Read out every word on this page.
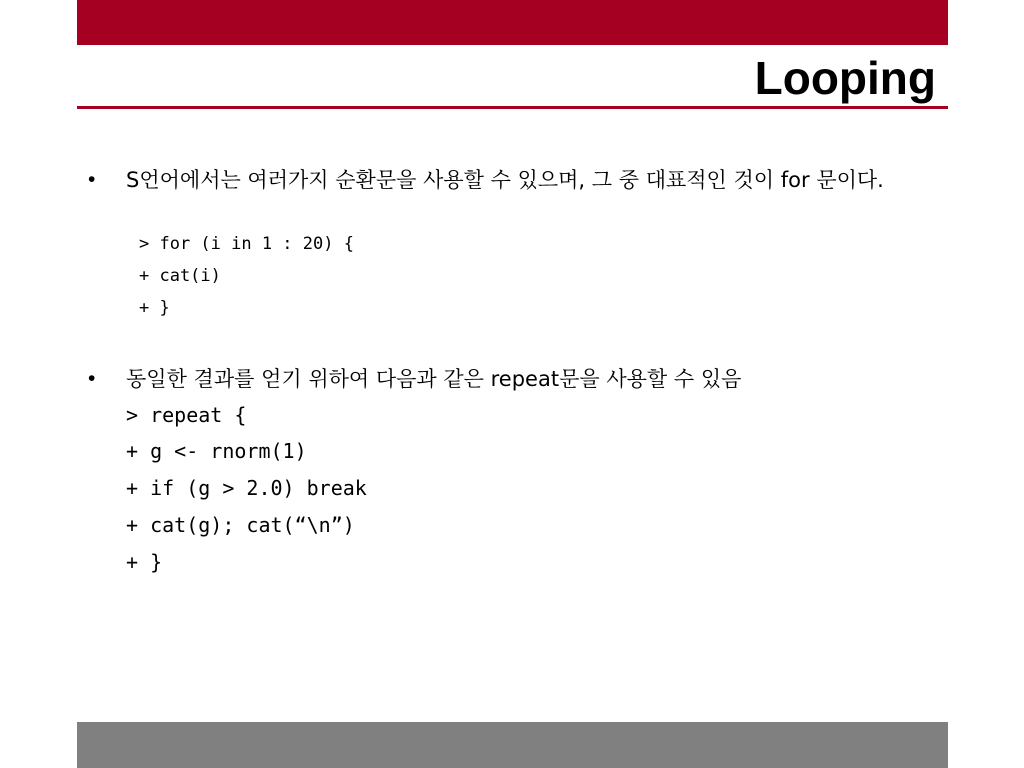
Looping
• S언어에서는 여러가지 순환문을 사용할 수 있으며, 그 중 대표적인 것이 for 문이다.
> for (i in 1 : 20) {
+ cat(i)
+ }
• 동일한 결과를 얻기 위하여 다음과 같은 repeat문을 사용할 수 있음
> repeat {
+ g <- rnorm(1)
+ if (g > 2.0) break
+ cat(g); cat(“\n”)
+ }
